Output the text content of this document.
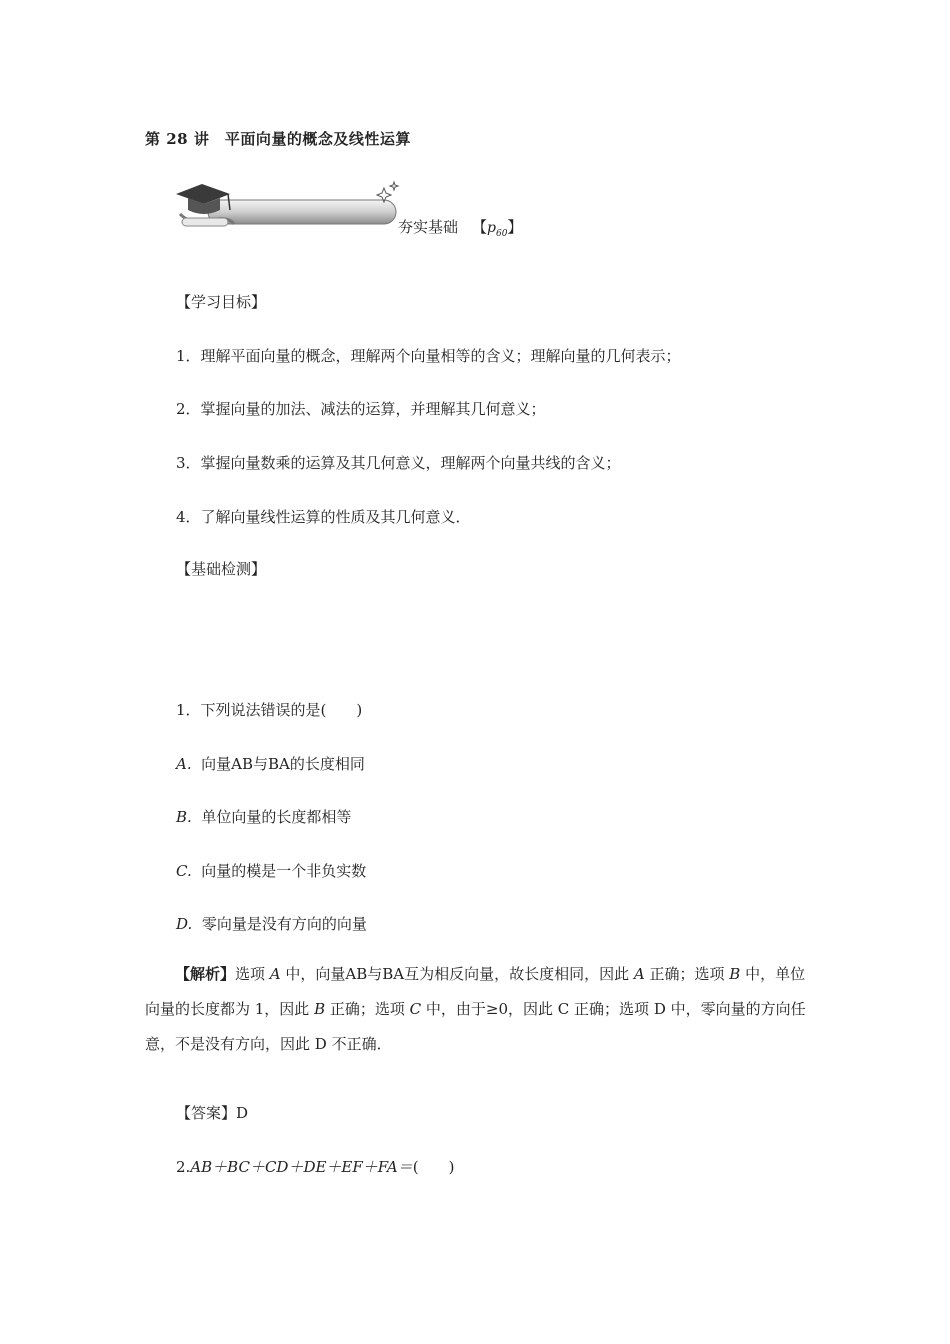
第 28 讲　平面向量的概念及线性运算
夯实基础 【$p_{60}$】
【学习目标】
1．理解平面向量的概念，理解两个向量相等的含义；理解向量的几何表示；
2．掌握向量的加法、减法的运算，并理解其几何意义；
3．掌握向量数乘的运算及其几何意义，理解两个向量共线的含义；
4．了解向量线性运算的性质及其几何意义．
【基础检测】
1．下列说法错误的是(　　)
A. 向量AB与BA的长度相同
B. 单位向量的长度都相等
C. 向量的模是一个非负实数
D. 零向量是没有方向的向量
【解析】选项 A 中，向量AB与BA互为相反向量，故长度相同，因此 A 正确；选项 B 中，单位向量的长度都为 1，因此 B 正确；选项 C 中，由于≥0，因此 C 正确；选项 D 中，零向量的方向任意，不是没有方向，因此 D 不正确．
【答案】D
2.AB＋BC＋CD＋DE＋EF＋FA＝(　　)
